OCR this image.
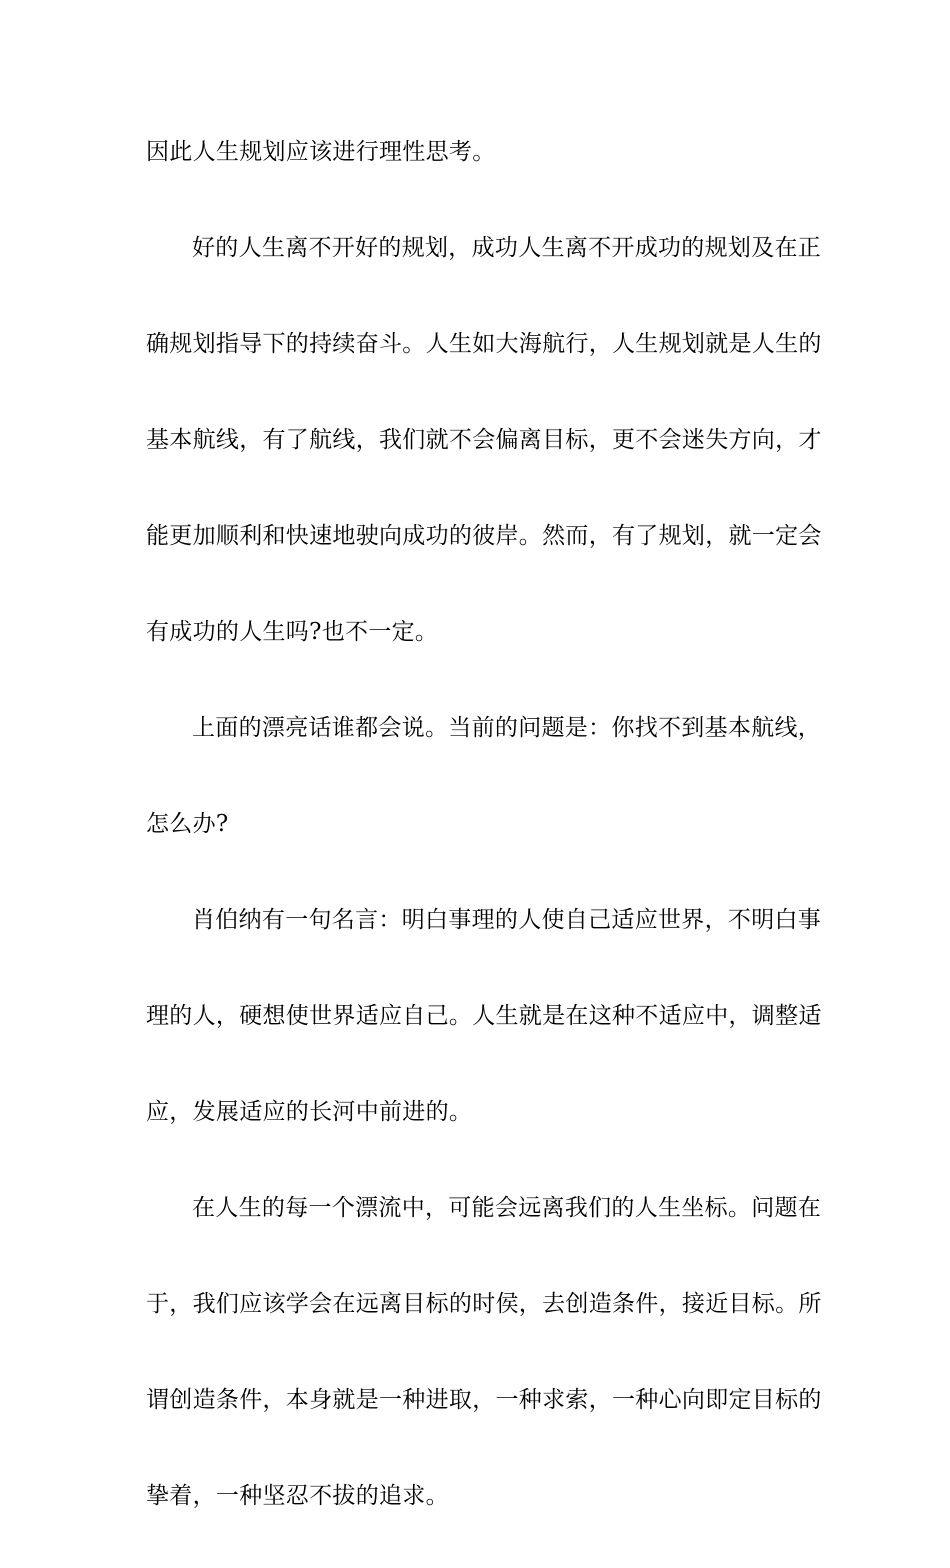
因此人生规划应该进行理性思考。
好的人生离不开好的规划，成功人生离不开成功的规划及在正
确规划指导下的持续奋斗。人生如大海航行，人生规划就是人生的
基本航线，有了航线，我们就不会偏离目标，更不会迷失方向，才
能更加顺利和快速地驶向成功的彼岸。然而，有了规划，就一定会
有成功的人生吗?也不一定。
上面的漂亮话谁都会说。当前的问题是：你找不到基本航线，
怎么办?
肖伯纳有一句名言：明白事理的人使自己适应世界，不明白事
理的人，硬想使世界适应自己。人生就是在这种不适应中，调整适
应，发展适应的长河中前进的。
在人生的每一个漂流中，可能会远离我们的人生坐标。问题在
于，我们应该学会在远离目标的时侯，去创造条件，接近目标。所
谓创造条件，本身就是一种进取，一种求索，一种心向即定目标的
挚着，一种坚忍不拔的追求。
